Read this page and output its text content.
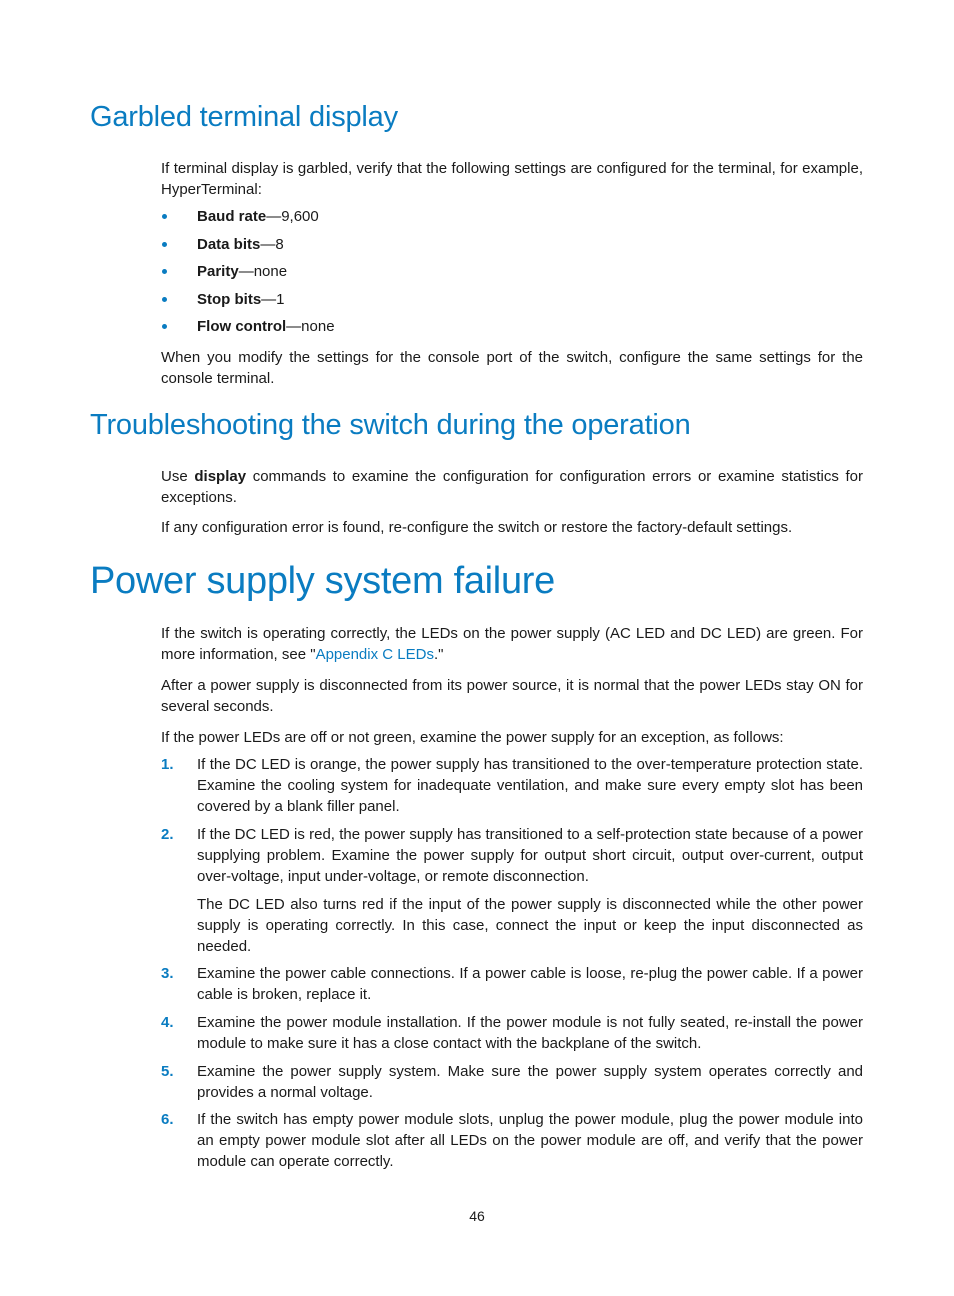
Garbled terminal display

If terminal display is garbled, verify that the following settings are configured for the terminal, for example, HyperTerminal:

Baud rate—9,600
Data bits—8
Parity—none
Stop bits—1
Flow control—none

When you modify the settings for the console port of the switch, configure the same settings for the console terminal.

Troubleshooting the switch during the operation

Use display commands to examine the configuration for configuration errors or examine statistics for exceptions.

If any configuration error is found, re-configure the switch or restore the factory-default settings.

Power supply system failure

If the switch is operating correctly, the LEDs on the power supply (AC LED and DC LED) are green. For more information, see "Appendix C LEDs."

After a power supply is disconnected from its power source, it is normal that the power LEDs stay ON for several seconds.

If the power LEDs are off or not green, examine the power supply for an exception, as follows:

1. If the DC LED is orange, the power supply has transitioned to the over-temperature protection state. Examine the cooling system for inadequate ventilation, and make sure every empty slot has been covered by a blank filler panel.

2. If the DC LED is red, the power supply has transitioned to a self-protection state because of a power supplying problem. Examine the power supply for output short circuit, output over-current, output over-voltage, input under-voltage, or remote disconnection.

The DC LED also turns red if the input of the power supply is disconnected while the other power supply is operating correctly. In this case, connect the input or keep the input disconnected as needed.

3. Examine the power cable connections. If a power cable is loose, re-plug the power cable. If a power cable is broken, replace it.

4. Examine the power module installation. If the power module is not fully seated, re-install the power module to make sure it has a close contact with the backplane of the switch.

5. Examine the power supply system. Make sure the power supply system operates correctly and provides a normal voltage.

6. If the switch has empty power module slots, unplug the power module, plug the power module into an empty power module slot after all LEDs on the power module are off, and verify that the power module can operate correctly.

46
